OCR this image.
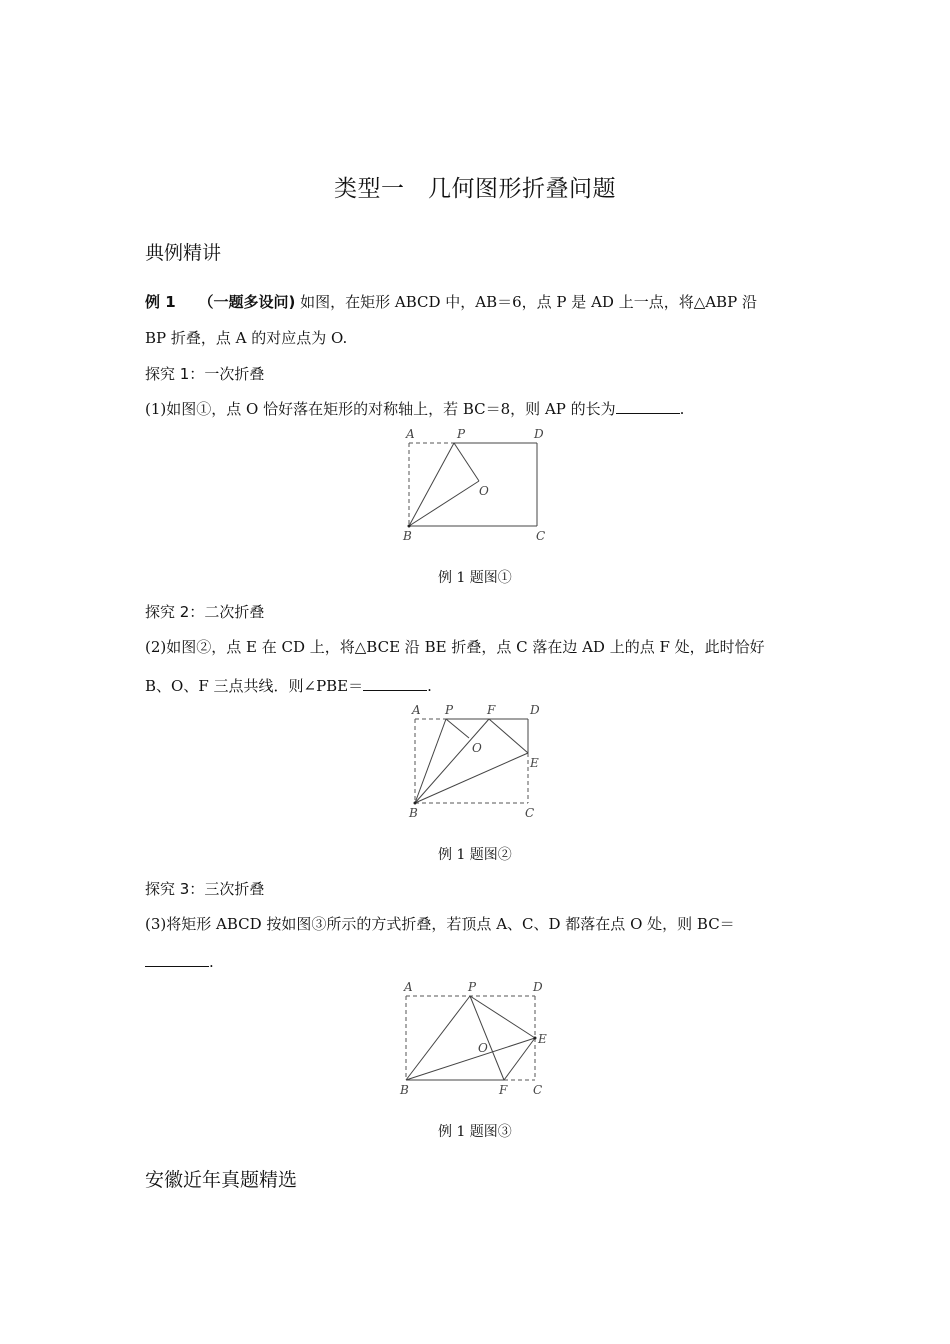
类型一　几何图形折叠问题
典例精讲
例 1 （一题多设问) 如图，在矩形 ABCD 中，AB＝6，点 P 是 AD 上一点，将△ABP 沿
BP 折叠，点 A 的对应点为 O.
探究 1：一次折叠
(1)如图①，点 O 恰好落在矩形的对称轴上，若 BC＝8，则 AP 的长为	.
A	P	D
O
B	C
例 1 题图①
探究 2：二次折叠
(2)如图②，点 E 在 CD 上，将△BCE 沿 BE 折叠，点 C 落在边 AD 上的点 F 处，此时恰好
B、O、F 三点共线．则∠PBE＝	.
A P	F	D
O
E
B	C
例 1 题图②
探究 3：三次折叠
(3)将矩形 ABCD 按如图③所示的方式折叠，若顶点 A、C、D 都落在点 O 处，则 BC＝
.
A	P	D
O
E
B	F C
例 1 题图③
安徽近年真题精选
